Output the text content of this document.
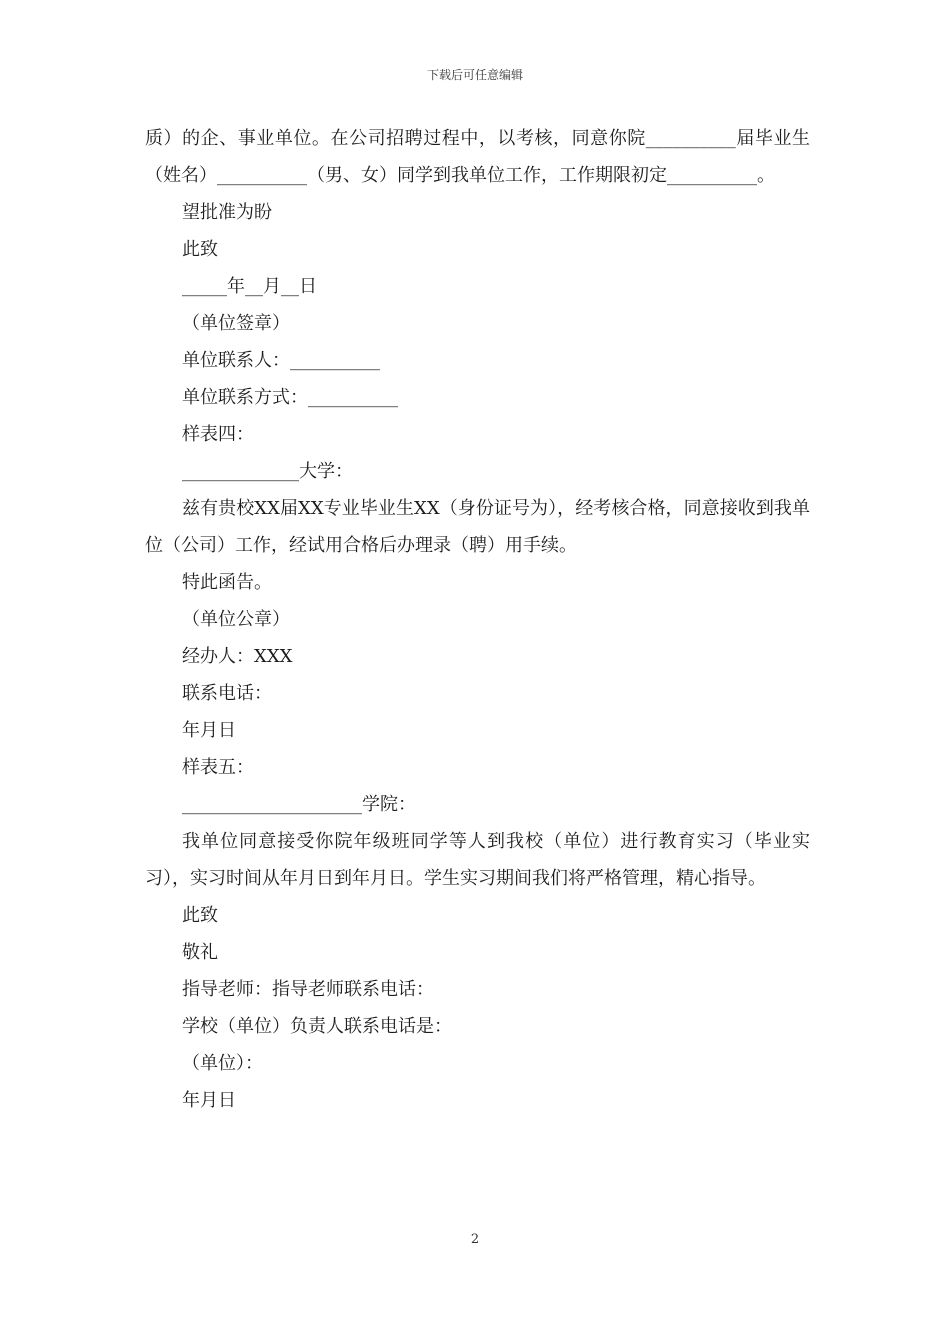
下载后可任意编辑

质）的企、事业单位。在公司招聘过程中，以考核，同意你院__________届毕业生（姓名）__________（男、女）同学到我单位工作，工作期限初定__________。

望批准为盼

此致

_____年__月__日

（单位签章）

单位联系人：__________

单位联系方式：__________

样表四：

_____________大学：

兹有贵校XX届XX专业毕业生XX（身份证号为），经考核合格，同意接收到我单位（公司）工作，经试用合格后办理录（聘）用手续。

特此函告。

（单位公章）

经办人：XXX

联系电话：

年月日

样表五：

____________________学院：

我单位同意接受你院年级班同学等人到我校（单位）进行教育实习（毕业实习），实习时间从年月日到年月日。学生实习期间我们将严格管理，精心指导。

此致

敬礼

指导老师：指导老师联系电话：

学校（单位）负责人联系电话是：

（单位）：

年月日

2
